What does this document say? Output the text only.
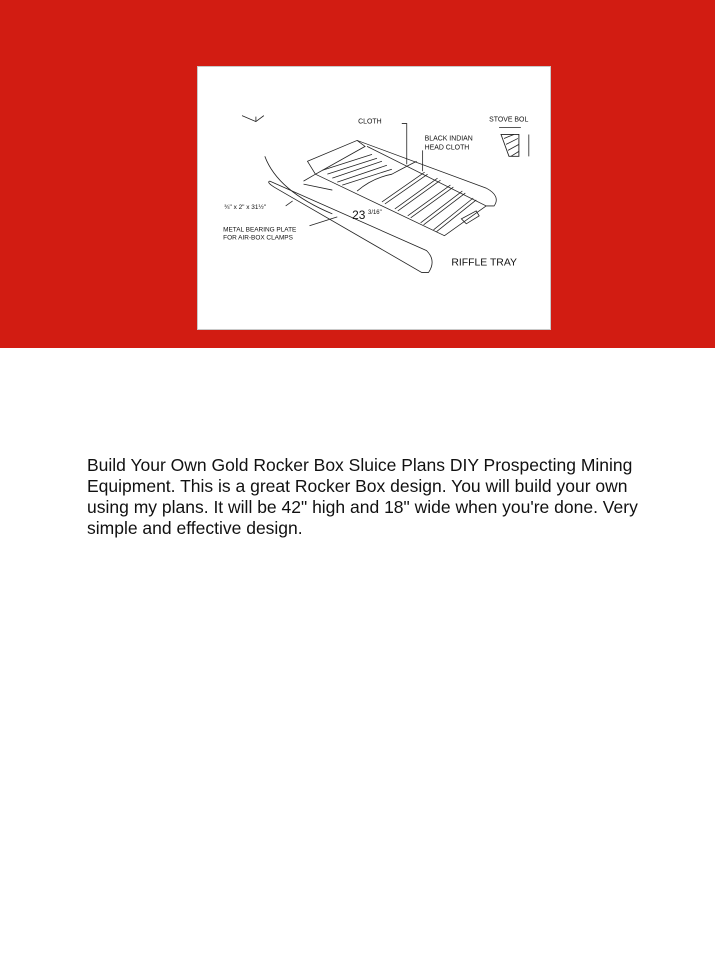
CLOTH
BLACK INDIAN
HEAD CLOTH
STOVE BOL
¾" x 2" x 31½"
METAL BEARING PLATE
FOR AIR-BOX CLAMPS
23 3/16"
RIFFLE TRAY

Build Your Own Gold Rocker Box Sluice Plans DIY Prospecting Mining Equipment. This is a great Rocker Box design. You will build your own using my plans. It will be 42" high and 18" wide when you're done. Very simple and effective design.
